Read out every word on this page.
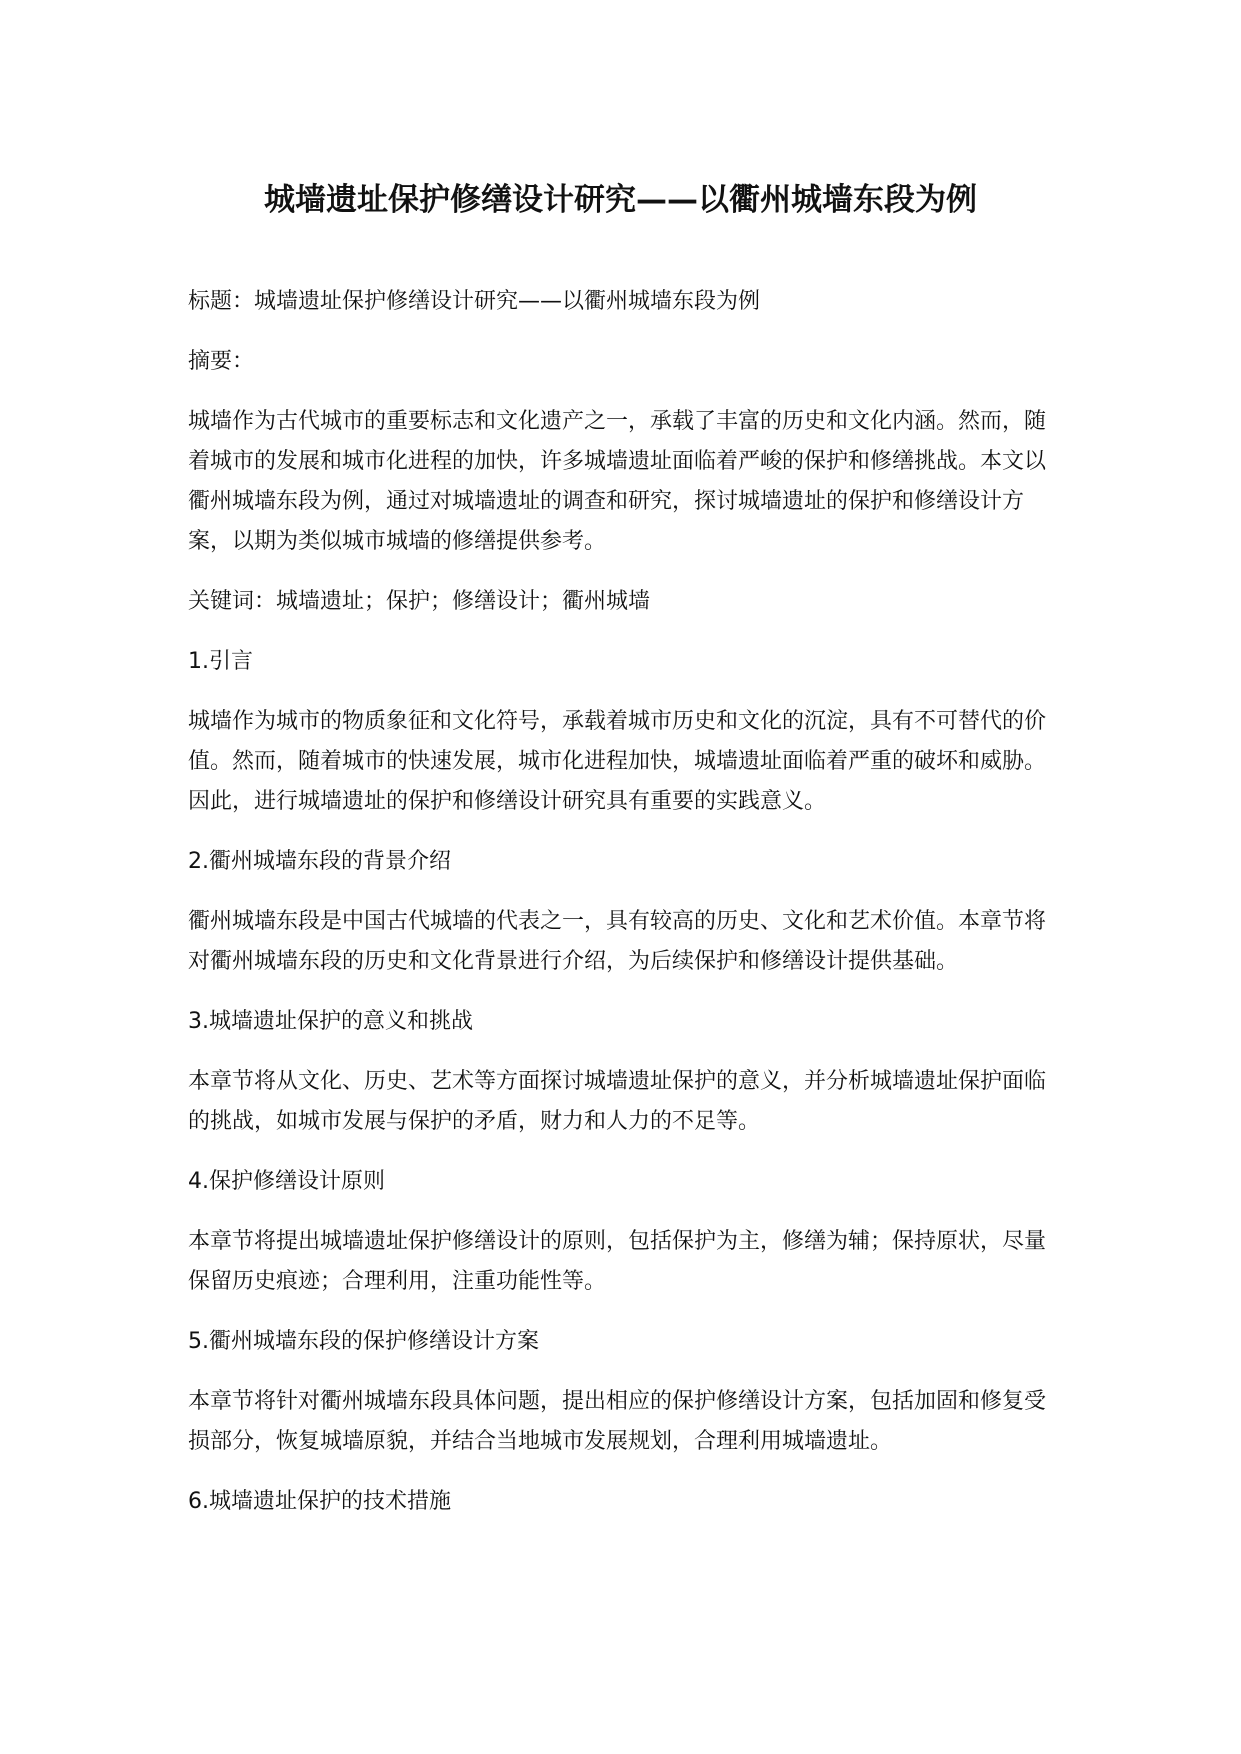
城墙遗址保护修缮设计研究——以衢州城墙东段为例

标题：城墙遗址保护修缮设计研究——以衢州城墙东段为例

摘要：

城墙作为古代城市的重要标志和文化遗产之一，承载了丰富的历史和文化内涵。然而，随着城市的发展和城市化进程的加快，许多城墙遗址面临着严峻的保护和修缮挑战。本文以衢州城墙东段为例，通过对城墙遗址的调查和研究，探讨城墙遗址的保护和修缮设计方案，以期为类似城市城墙的修缮提供参考。

关键词：城墙遗址；保护；修缮设计；衢州城墙

1.引言

城墙作为城市的物质象征和文化符号，承载着城市历史和文化的沉淀，具有不可替代的价值。然而，随着城市的快速发展，城市化进程加快，城墙遗址面临着严重的破坏和威胁。因此，进行城墙遗址的保护和修缮设计研究具有重要的实践意义。

2.衢州城墙东段的背景介绍

衢州城墙东段是中国古代城墙的代表之一，具有较高的历史、文化和艺术价值。本章节将对衢州城墙东段的历史和文化背景进行介绍，为后续保护和修缮设计提供基础。

3.城墙遗址保护的意义和挑战

本章节将从文化、历史、艺术等方面探讨城墙遗址保护的意义，并分析城墙遗址保护面临的挑战，如城市发展与保护的矛盾，财力和人力的不足等。

4.保护修缮设计原则

本章节将提出城墙遗址保护修缮设计的原则，包括保护为主，修缮为辅；保持原状，尽量保留历史痕迹；合理利用，注重功能性等。

5.衢州城墙东段的保护修缮设计方案

本章节将针对衢州城墙东段具体问题，提出相应的保护修缮设计方案，包括加固和修复受损部分，恢复城墙原貌，并结合当地城市发展规划，合理利用城墙遗址。

6.城墙遗址保护的技术措施
